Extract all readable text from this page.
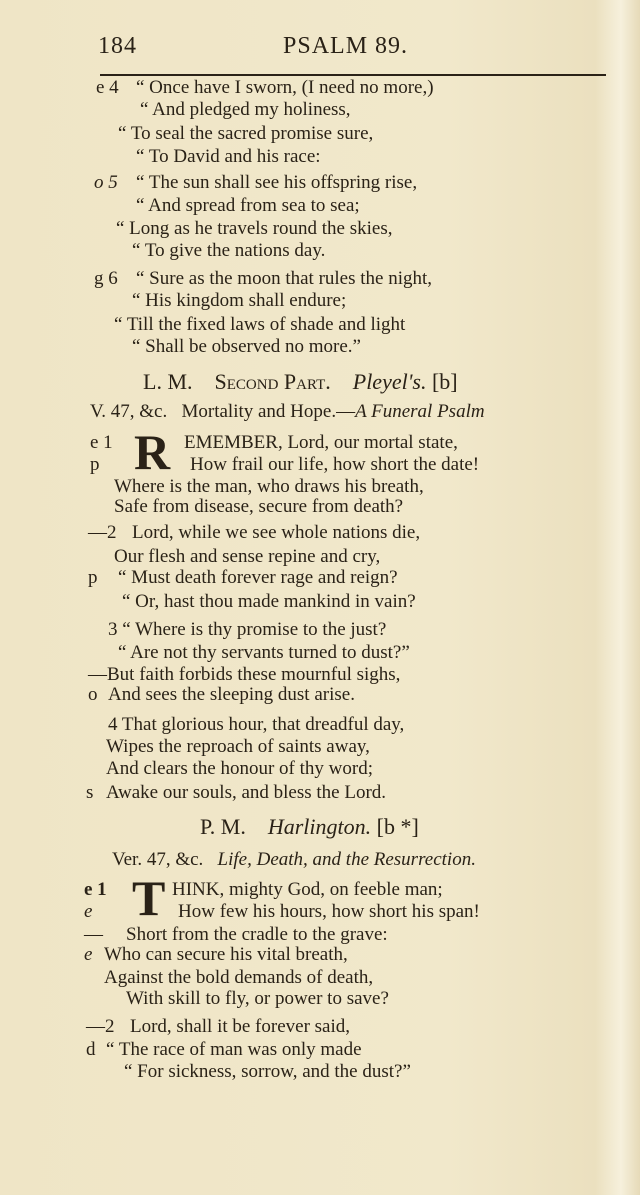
184	PSALM 89.
e 4 “ Once have I sworn, (I need no more,)
“ And pledged my holiness,
“ To seal the sacred promise sure,
“ To David and his race:
o 5 “ The sun shall see his offspring rise,
“ And spread from sea to sea;
“ Long as he travels round the skies,
“ To give the nations day.
g 6 “ Sure as the moon that rules the night,
“ His kingdom shall endure;
“ Till the fixed laws of shade and light
“ Shall be observed no more.”
L. M. Second Part. Pleyel's. [b]
V. 47, &c. Mortality and Hope.—A Funeral Psalm
R
e 1	EMEMBER, Lord, our mortal state,
p	How frail our life, how short the date!
Where is the man, who draws his breath,
Safe from disease, secure from death?
—2 Lord, while we see whole nations die,
Our flesh and sense repine and cry,
p “ Must death forever rage and reign?
“ Or, hast thou made mankind in vain?
3 “ Where is thy promise to the just?
“ Are not thy servants turned to dust?”
—But faith forbids these mournful sighs,
o And sees the sleeping dust arise.
4 That glorious hour, that dreadful day,
Wipes the reproach of saints away,
And clears the honour of thy word;
s Awake our souls, and bless the Lord.
P. M. Harlington. [b *]
Ver. 47, &c. Life, Death, and the Resurrection.
T
e 1	HINK, mighty God, on feeble man;
e	How few his hours, how short his span!
— Short from the cradle to the grave:
e Who can secure his vital breath,
Against the bold demands of death,
With skill to fly, or power to save?
—2 Lord, shall it be forever said,
d “ The race of man was only made
“ For sickness, sorrow, and the dust?”
